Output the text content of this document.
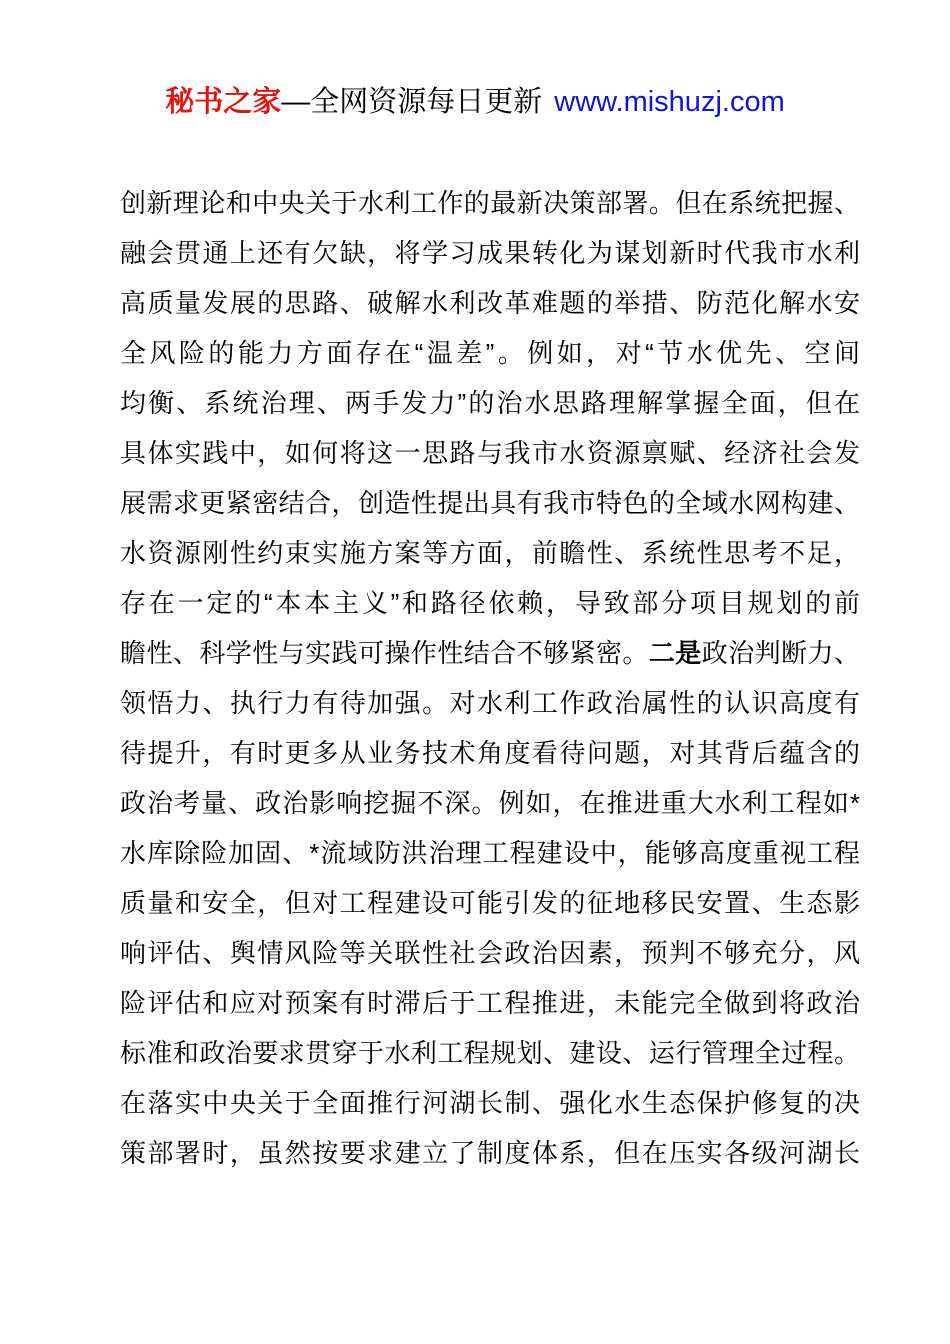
秘书之家—全网资源每日更新 www.mishuzj.com
创新理论和中央关于水利工作的最新决策部署。但在系统把握、
融会贯通上还有欠缺，将学习成果转化为谋划新时代我市水利
高质量发展的思路、破解水利改革难题的举措、防范化解水安
全风险的能力方面存在“温差”。例如，对“节水优先、空间
均衡、系统治理、两手发力”的治水思路理解掌握全面，但在
具体实践中，如何将这一思路与我市水资源禀赋、经济社会发
展需求更紧密结合，创造性提出具有我市特色的全域水网构建、
水资源刚性约束实施方案等方面，前瞻性、系统性思考不足，
存在一定的“本本主义”和路径依赖，导致部分项目规划的前
瞻性、科学性与实践可操作性结合不够紧密。二是政治判断力、
领悟力、执行力有待加强。对水利工作政治属性的认识高度有
待提升，有时更多从业务技术角度看待问题，对其背后蕴含的
政治考量、政治影响挖掘不深。例如，在推进重大水利工程如*
水库除险加固、*流域防洪治理工程建设中，能够高度重视工程
质量和安全，但对工程建设可能引发的征地移民安置、生态影
响评估、舆情风险等关联性社会政治因素，预判不够充分，风
险评估和应对预案有时滞后于工程推进，未能完全做到将政治
标准和政治要求贯穿于水利工程规划、建设、运行管理全过程。
在落实中央关于全面推行河湖长制、强化水生态保护修复的决
策部署时，虽然按要求建立了制度体系，但在压实各级河湖长
